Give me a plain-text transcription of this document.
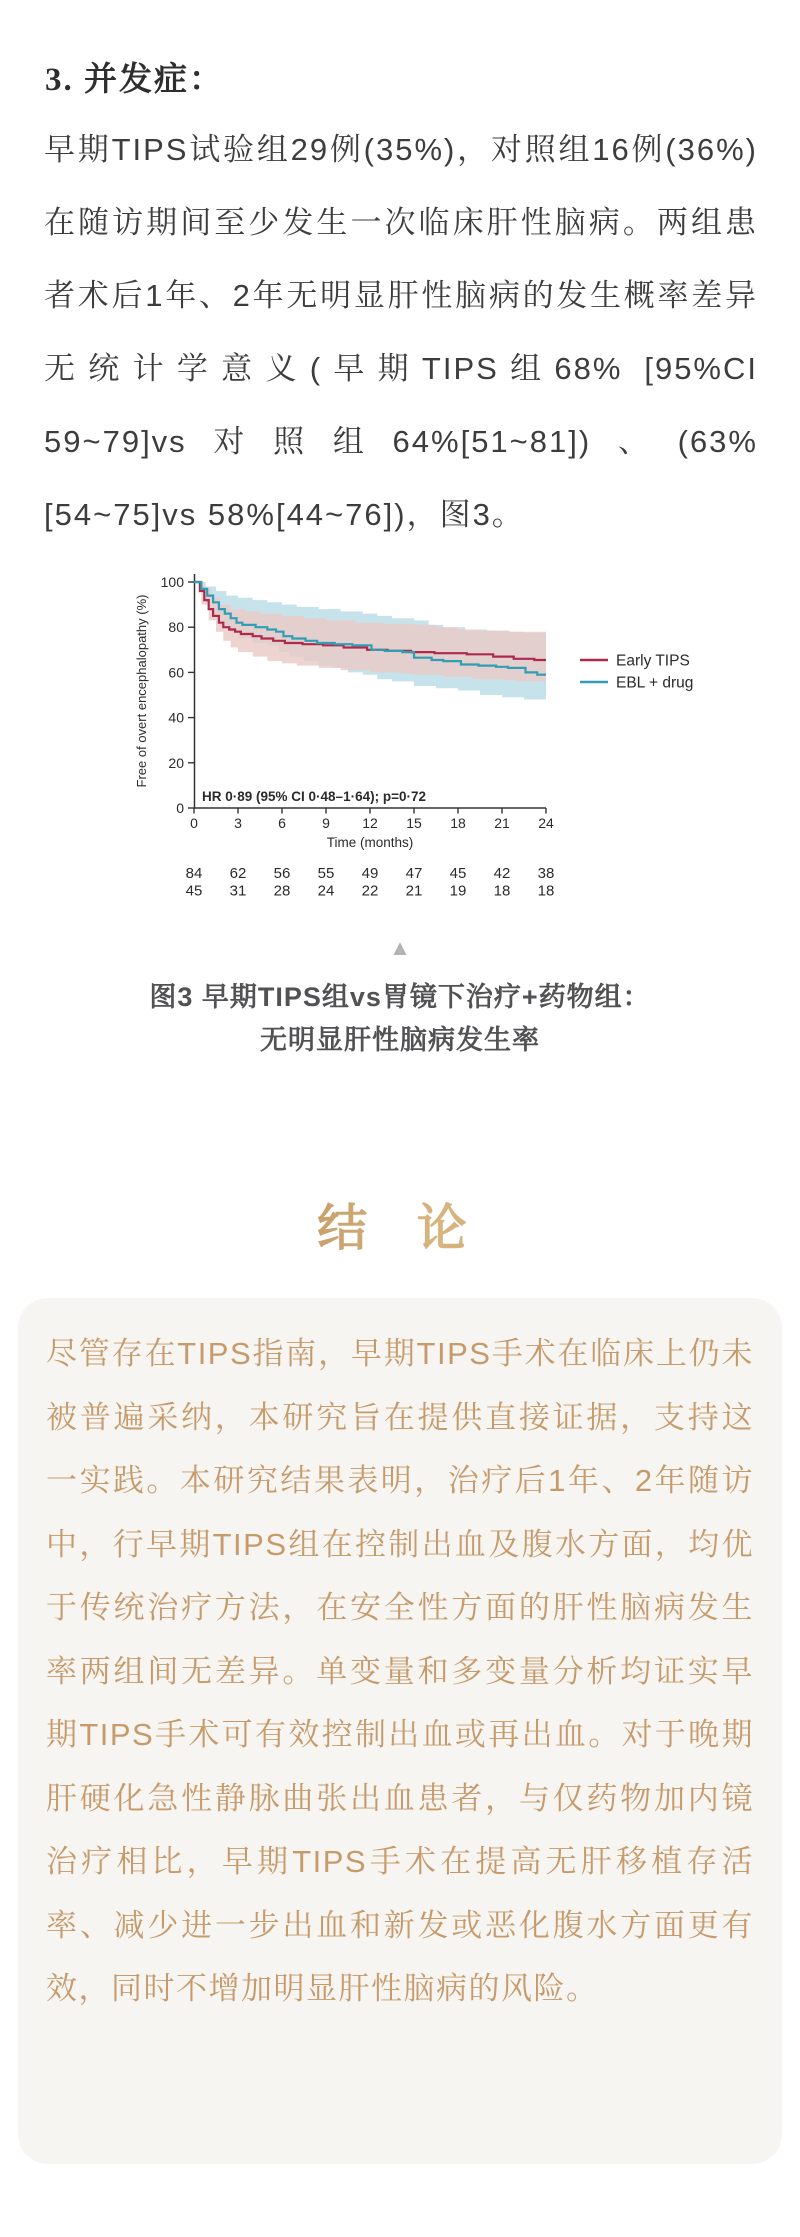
3. 并发症：

早期TIPS试验组29例(35%)，对照组16例(36%)在随访期间至少发生一次临床肝性脑病。两组患者术后1年、2年无明显肝性脑病的发生概率差异无统计学意义(早期TIPS组68% [95%CI 59~79]vs对照组64%[51~81])、(63% [54~75]vs 58%[44~76])，图3。

0
20
40
60
80
100
0	3	6	9 12 15 18 21 24
Early TIPS
EBL + drug
HR 0·89 (95% CI 0·48–1·64); p=0·72
Free of overt encephalopathy (%)
Time (months)
84 62 56 55 49 47 45 42 38
45 31 28 24 22 21 19 18 18
▲
图3 早期TIPS组vs胃镜下治疗+药物组：
无明显肝性脑病发生率
结 论

尽管存在TIPS指南，早期TIPS手术在临床上仍未被普遍采纳，本研究旨在提供直接证据，支持这一实践。本研究结果表明，治疗后1年、2年随访中，行早期TIPS组在控制出血及腹水方面，均优于传统治疗方法，在安全性方面的肝性脑病发生率两组间无差异。单变量和多变量分析均证实早期TIPS手术可有效控制出血或再出血。对于晚期肝硬化急性静脉曲张出血患者，与仅药物加内镜治疗相比，早期TIPS手术在提高无肝移植存活率、减少进一步出血和新发或恶化腹水方面更有效，同时不增加明显肝性脑病的风险。
